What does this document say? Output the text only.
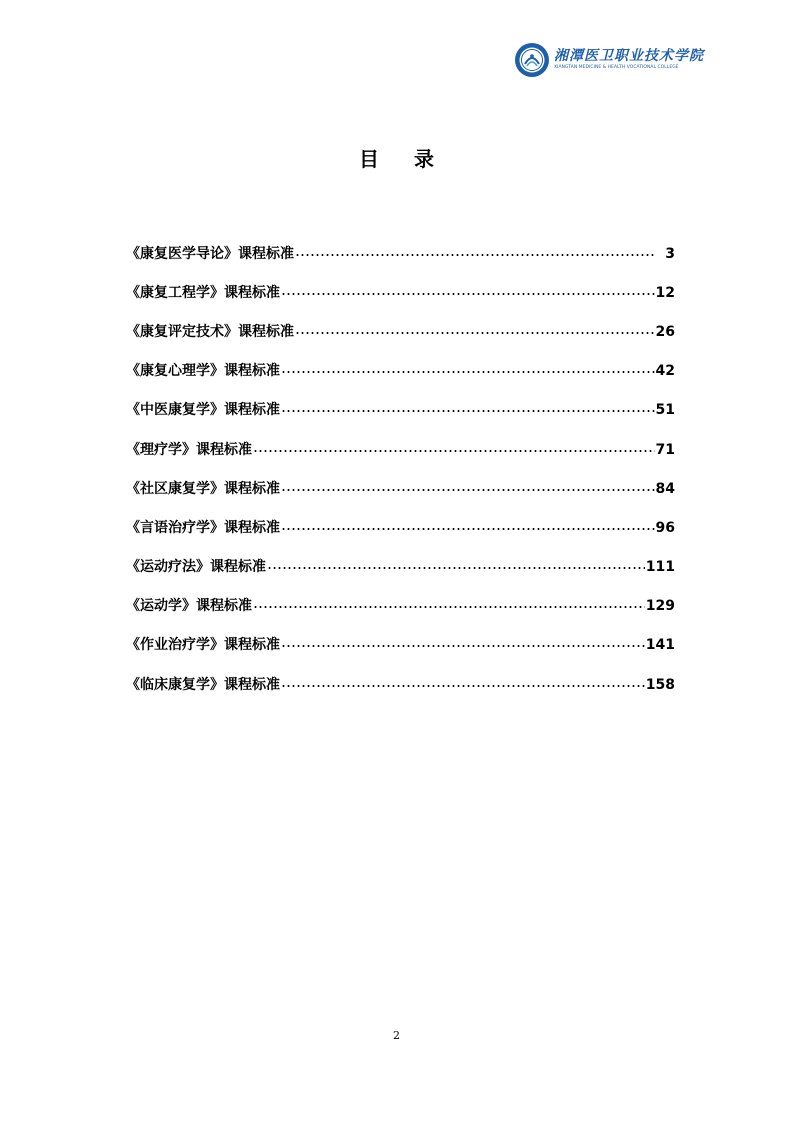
湘潭医卫职业技术学院
XIANGTAN MEDICINE & HEALTH VOCATIONAL COLLEGE
目 录
《康复医学导论》课程标准	3
《康复工程学》课程标准	12
《康复评定技术》课程标准	26
《康复心理学》课程标准	42
《中医康复学》课程标准	51
《理疗学》课程标准	71
《社区康复学》课程标准	84
《言语治疗学》课程标准	96
《运动疗法》课程标准	111
《运动学》课程标准	129
《作业治疗学》课程标准	141
《临床康复学》课程标准	158
2
